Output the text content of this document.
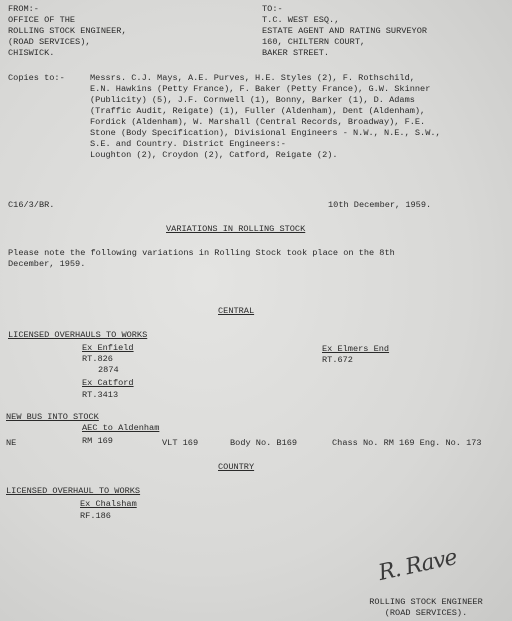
FROM:-
OFFICE OF THE
ROLLING STOCK ENGINEER,
(ROAD SERVICES),
CHISWICK.
TO:-
T.C. WEST ESQ.,
ESTATE AGENT AND RATING SURVEYOR
160, CHILTERN COURT,
BAKER STREET.
Copies to:-	Messrs. C.J. Mays, A.E. Purves, H.E. Styles (2), F. Rothschild,
E.N. Hawkins (Petty France), F. Baker (Petty France), G.W. Skinner
(Publicity) (5), J.F. Cornwell (1), Bonny, Barker (1), D. Adams
(Traffic Audit, Reigate) (1), Fuller (Aldenham), Dent (Aldenham),
Fordick (Aldenham), W. Marshall (Central Records, Broadway), F.E.
Stone (Body Specification), Divisional Engineers - N.W., N.E., S.W.,
S.E. and Country. District Engineers:-
Loughton (2), Croydon (2), Catford, Reigate (2).
C16/3/BR.	10th December, 1959.
VARIATIONS IN ROLLING STOCK
Please note the following variations in Rolling Stock took place on the 8th
December, 1959.
CENTRAL
LICENSED OVERHAULS TO WORKS
Ex Enfield
RT.826
2874
Ex Catford
RT.3413
Ex Elmers End
RT.672
NEW BUS INTO STOCK
AEC to Aldenham
NE	RM 169	VLT 169	Body No. B169	Chass No. RM 169 Eng. No. 173
COUNTRY
LICENSED OVERHAUL TO WORKS
Ex Chalsham
RF.186
R. Rave
ROLLING STOCK ENGINEER
(ROAD SERVICES).
